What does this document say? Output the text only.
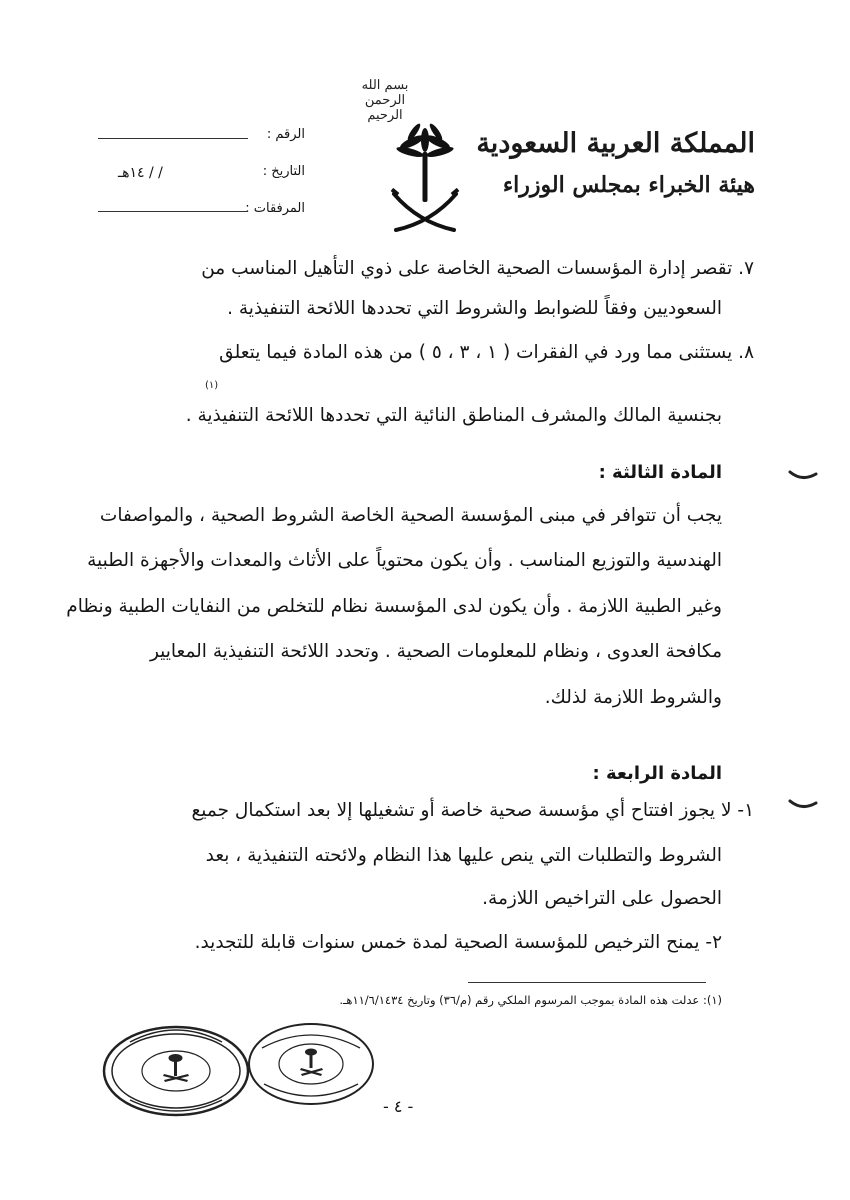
بسم الله الرحمن الرحيم
المملكة العربية السعودية
هيئة الخبراء بمجلس الوزراء
الرقم :
التاريخ :
/ / ١٤هـ
المرفقات :
٧. تقصر إدارة المؤسسات الصحية الخاصة على ذوي التأهيل المناسب من
السعوديين وفقاً للضوابط والشروط التي تحددها اللائحة التنفيذية .
٨. يستثنى مما ورد في الفقرات ( ١ ، ٣ ، ٥ ) من هذه المادة فيما يتعلق
بجنسية المالك والمشرف المناطق النائية التي تحددها اللائحة التنفيذية .
(١)
المادة الثالثة :
يجب أن تتوافر في مبنى المؤسسة الصحية الخاصة الشروط الصحية ، والمواصفات
الهندسية والتوزيع المناسب . وأن يكون محتوياً على الأثاث والمعدات والأجهزة الطبية
وغير الطبية اللازمة . وأن يكون لدى المؤسسة نظام للتخلص من النفايات الطبية ونظام
مكافحة العدوى ، ونظام للمعلومات الصحية . وتحدد اللائحة التنفيذية المعايير
والشروط اللازمة لذلك.
المادة الرابعة :
١- لا يجوز افتتاح أي مؤسسة صحية خاصة أو تشغيلها إلا بعد استكمال جميع
الشروط والتطلبات التي ينص عليها هذا النظام ولائحته التنفيذية ، بعد
الحصول على التراخيص اللازمة.
٢- يمنح الترخيص للمؤسسة الصحية لمدة خمس سنوات قابلة للتجديد.
(١): عدلت هذه المادة بموجب المرسوم الملكي رقم (م/٣٦) وتاريخ ١١/٦/١٤٣٤هـ.
- ٤ -
